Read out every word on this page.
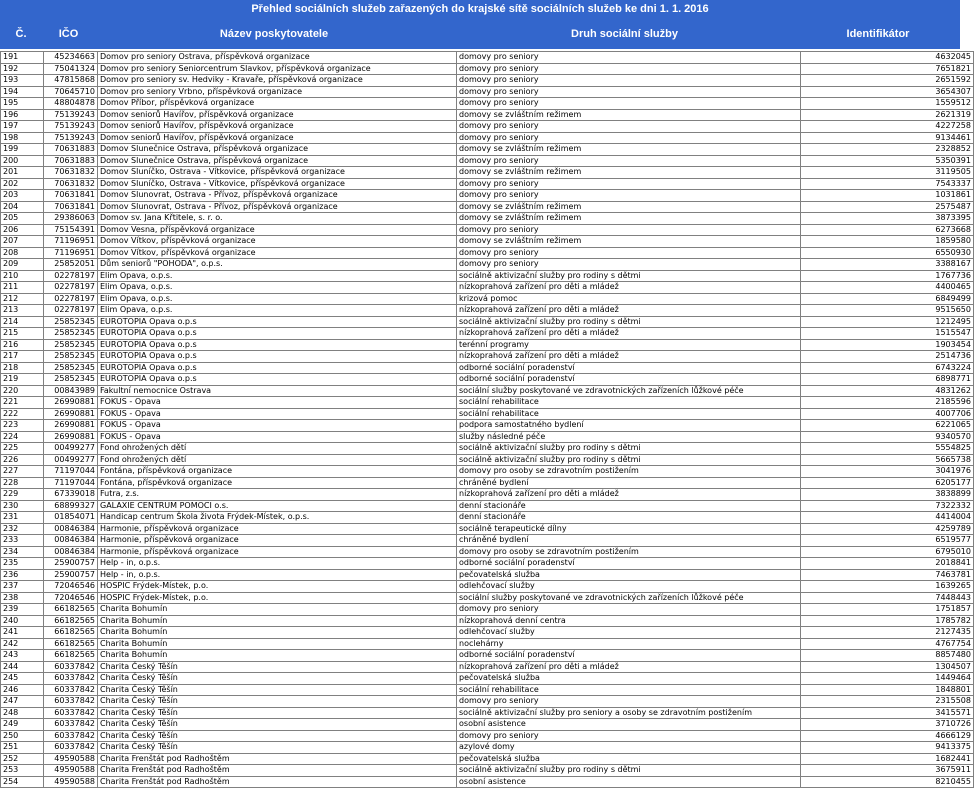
Přehled sociálních služeb zařazených do krajské sítě sociálních služeb ke dni 1. 1. 2016
Č.	IČO	Název poskytovatele	Druh sociální služby	Identifikátor
191	45234663	Domov pro seniory Ostrava, příspěvková organizace	domovy pro seniory	4632045
192	75041324	Domov pro seniory Seniorcentrum Slavkov, příspěvková organizace	domovy pro seniory	7651821
193	47815868	Domov pro seniory sv. Hedviky - Kravaře, příspěvková organizace	domovy pro seniory	2651592
194	70645710	Domov pro seniory Vrbno, příspěvková organizace	domovy pro seniory	3654307
195	48804878	Domov Příbor, příspěvková organizace	domovy pro seniory	1559512
196	75139243	Domov seniorů Havířov, příspěvková organizace	domovy se zvláštním režimem	2621319
197	75139243	Domov seniorů Havířov, příspěvková organizace	domovy pro seniory	4227258
198	75139243	Domov seniorů Havířov, příspěvková organizace	domovy pro seniory	9134461
199	70631883	Domov Slunečnice Ostrava, příspěvková organizace	domovy se zvláštním režimem	2328852
200	70631883	Domov Slunečnice Ostrava, příspěvková organizace	domovy pro seniory	5350391
201	70631832	Domov Sluníčko, Ostrava - Vítkovice, příspěvková organizace	domovy se zvláštním režimem	3119505
202	70631832	Domov Sluníčko, Ostrava - Vítkovice, příspěvková organizace	domovy pro seniory	7543337
203	70631841	Domov Slunovrat, Ostrava - Přívoz, příspěvková organizace	domovy pro seniory	1031861
204	70631841	Domov Slunovrat, Ostrava - Přívoz, příspěvková organizace	domovy se zvláštním režimem	2575487
205	29386063	Domov sv. Jana Křtitele, s. r. o.	domovy se zvláštním režimem	3873395
206	75154391	Domov Vesna, příspěvková organizace	domovy pro seniory	6273668
207	71196951	Domov Vítkov, příspěvková organizace	domovy se zvláštním režimem	1859580
208	71196951	Domov Vítkov, příspěvková organizace	domovy pro seniory	6550930
209	25852051	Dům seniorů "POHODA", o.p.s.	domovy pro seniory	3388167
210	02278197	Elim Opava, o.p.s.	sociálně aktivizační služby pro rodiny s dětmi	1767736
211	02278197	Elim Opava, o.p.s.	nízkoprahová zařízení pro děti a mládež	4400465
212	02278197	Elim Opava, o.p.s.	krizová pomoc	6849499
213	02278197	Elim Opava, o.p.s.	nízkoprahová zařízení pro děti a mládež	9515650
214	25852345	EUROTOPIA Opava o.p.s	sociálně aktivizační služby pro rodiny s dětmi	1212495
215	25852345	EUROTOPIA Opava o.p.s	nízkoprahová zařízení pro děti a mládež	1515547
216	25852345	EUROTOPIA Opava o.p.s	terénní programy	1903454
217	25852345	EUROTOPIA Opava o.p.s	nízkoprahová zařízení pro děti a mládež	2514736
218	25852345	EUROTOPIA Opava o.p.s	odborné sociální poradenství	6743224
219	25852345	EUROTOPIA Opava o.p.s	odborné sociální poradenství	6898771
220	00843989	Fakultní nemocnice Ostrava	sociální služby poskytované ve zdravotnických zařízeních lůžkové péče	4831262
221	26990881	FOKUS - Opava	sociální rehabilitace	2185596
222	26990881	FOKUS - Opava	sociální rehabilitace	4007706
223	26990881	FOKUS - Opava	podpora samostatného bydlení	6221065
224	26990881	FOKUS - Opava	služby následné péče	9340570
225	00499277	Fond ohrožených dětí	sociálně aktivizační služby pro rodiny s dětmi	5554825
226	00499277	Fond ohrožených dětí	sociálně aktivizační služby pro rodiny s dětmi	5665738
227	71197044	Fontána, příspěvková organizace	domovy pro osoby se zdravotním postižením	3041976
228	71197044	Fontána, příspěvková organizace	chráněné bydlení	6205177
229	67339018	Futra, z.s.	nízkoprahová zařízení pro děti a mládež	3838899
230	68899327	GALAXIE CENTRUM POMOCI o.s.	denní stacionáře	7322332
231	01854071	Handicap centrum Škola života Frýdek-Místek, o.p.s.	denní stacionáře	4414004
232	00846384	Harmonie, příspěvková organizace	sociálně terapeutické dílny	4259789
233	00846384	Harmonie, příspěvková organizace	chráněné bydlení	6519577
234	00846384	Harmonie, příspěvková organizace	domovy pro osoby se zdravotním postižením	6795010
235	25900757	Help - in, o.p.s.	odborné sociální poradenství	2018841
236	25900757	Help - in, o.p.s.	pečovatelská služba	7463781
237	72046546	HOSPIC Frýdek-Místek, p.o.	odlehčovací služby	1639265
238	72046546	HOSPIC Frýdek-Místek, p.o.	sociální služby poskytované ve zdravotnických zařízeních lůžkové péče	7448443
239	66182565	Charita Bohumín	domovy pro seniory	1751857
240	66182565	Charita Bohumín	nízkoprahová denní centra	1785782
241	66182565	Charita Bohumín	odlehčovací služby	2127435
242	66182565	Charita Bohumín	noclehárny	4767754
243	66182565	Charita Bohumín	odborné sociální poradenství	8857480
244	60337842	Charita Český Těšín	nízkoprahová zařízení pro děti a mládež	1304507
245	60337842	Charita Český Těšín	pečovatelská služba	1449464
246	60337842	Charita Český Těšín	sociální rehabilitace	1848801
247	60337842	Charita Český Těšín	domovy pro seniory	2315508
248	60337842	Charita Český Těšín	sociálně aktivizační služby pro seniory a osoby se zdravotním postižením	3415571
249	60337842	Charita Český Těšín	osobní asistence	3710726
250	60337842	Charita Český Těšín	domovy pro seniory	4666129
251	60337842	Charita Český Těšín	azylové domy	9413375
252	49590588	Charita Frenštát pod Radhoštěm	pečovatelská služba	1682441
253	49590588	Charita Frenštát pod Radhoštěm	sociálně aktivizační služby pro rodiny s dětmi	3675911
254	49590588	Charita Frenštát pod Radhoštěm	osobní asistence	8210455
